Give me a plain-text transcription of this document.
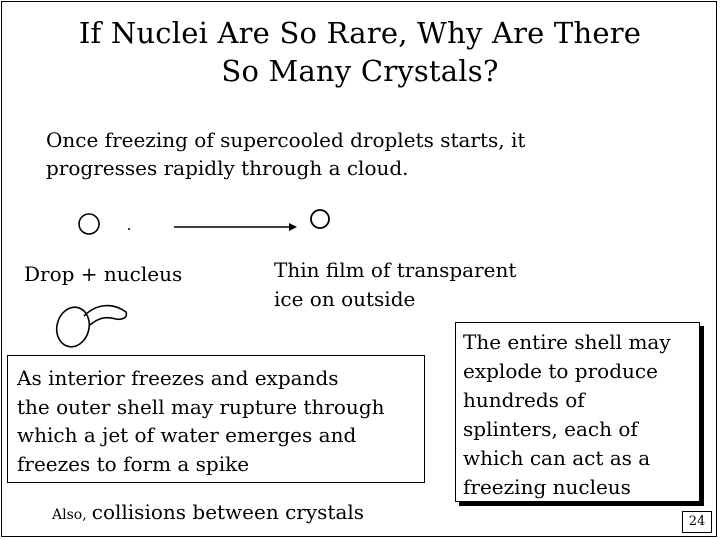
If Nuclei Are So Rare, Why Are There
So Many Crystals?
Once freezing of supercooled droplets starts, it
progresses rapidly through a cloud.
Drop + nucleus	Thin film of transparent
ice on outside
As interior freezes and expands
the outer shell may rupture through
which a jet of water emerges and
freezes to form a spike
The entire shell may
explode to produce
hundreds of
splinters, each of
which can act as a
freezing nucleus
Also, collisions between crystals	24
